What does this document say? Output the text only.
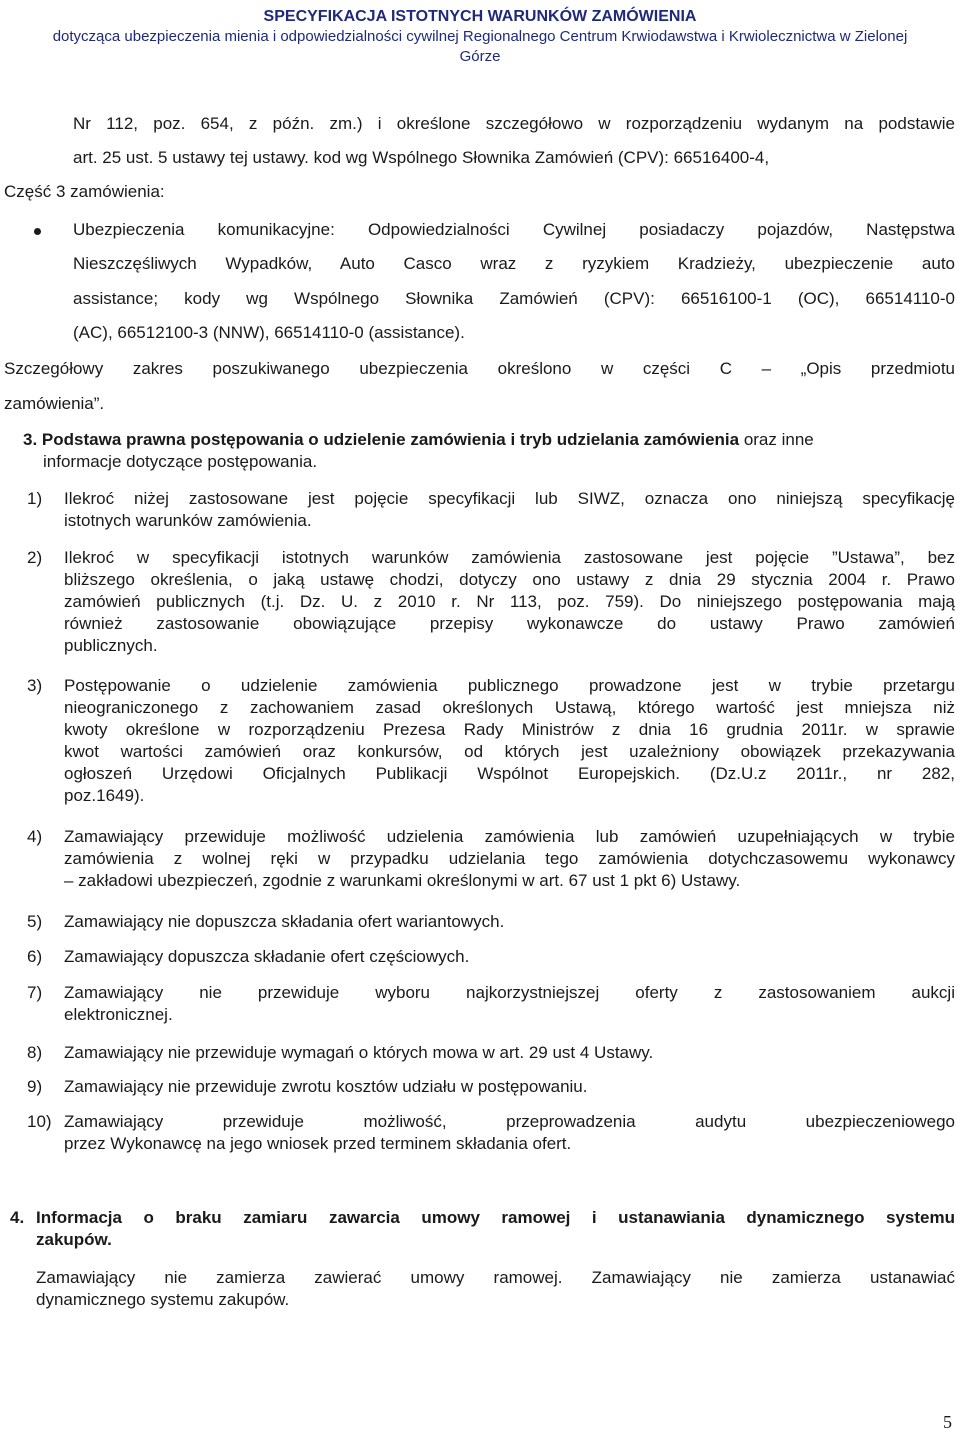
SPECYFIKACJA ISTOTNYCH WARUNKÓW ZAMÓWIENIA
dotycząca ubezpieczenia mienia i odpowiedzialności cywilnej Regionalnego Centrum Krwiodawstwa i Krwiolecznictwa w Zielonej
Górze
Nr 112, poz. 654, z późn. zm.) i określone szczegółowo w rozporządzeniu wydanym na podstawie
art. 25 ust. 5 ustawy tej ustawy. kod wg Wspólnego Słownika Zamówień (CPV): 66516400-4,
Część 3 zamówienia:
Ubezpieczenia komunikacyjne: Odpowiedzialności Cywilnej posiadaczy pojazdów, Następstwa
Nieszczęśliwych Wypadków, Auto Casco wraz z ryzykiem Kradzieży, ubezpieczenie auto
assistance; kody wg Wspólnego Słownika Zamówień (CPV): 66516100-1 (OC), 66514110-0
(AC), 66512100-3 (NNW), 66514110-0 (assistance).
Szczegółowy zakres poszukiwanego ubezpieczenia określono w części C – „Opis przedmiotu
zamówienia”.
3. Podstawa prawna postępowania o udzielenie zamówienia i tryb udzielania zamówienia oraz inne
informacje dotyczące postępowania.
1) Ilekroć niżej zastosowane jest pojęcie specyfikacji lub SIWZ, oznacza ono niniejszą specyfikację
istotnych warunków zamówienia.
2) Ilekroć w specyfikacji istotnych warunków zamówienia zastosowane jest pojęcie ”Ustawa”, bez
bliższego określenia, o jaką ustawę chodzi, dotyczy ono ustawy z dnia 29 stycznia 2004 r. Prawo
zamówień publicznych (t.j. Dz. U. z 2010 r. Nr 113, poz. 759). Do niniejszego postępowania mają
również zastosowanie obowiązujące przepisy wykonawcze do ustawy Prawo zamówień
publicznych.
3) Postępowanie o udzielenie zamówienia publicznego prowadzone jest w trybie przetargu
nieograniczonego z zachowaniem zasad określonych Ustawą, którego wartość jest mniejsza niż
kwoty określone w rozporządzeniu Prezesa Rady Ministrów z dnia 16 grudnia 2011r. w sprawie
kwot wartości zamówień oraz konkursów, od których jest uzależniony obowiązek przekazywania
ogłoszeń Urzędowi Oficjalnych Publikacji Wspólnot Europejskich. (Dz.U.z 2011r., nr 282,
poz.1649).
4) Zamawiający przewiduje możliwość udzielenia zamówienia lub zamówień uzupełniających w trybie
zamówienia z wolnej ręki w przypadku udzielania tego zamówienia dotychczasowemu wykonawcy
– zakładowi ubezpieczeń, zgodnie z warunkami określonymi w art. 67 ust 1 pkt 6) Ustawy.
5) Zamawiający nie dopuszcza składania ofert wariantowych.
6) Zamawiający dopuszcza składanie ofert częściowych.
7) Zamawiający nie przewiduje wyboru najkorzystniejszej oferty z zastosowaniem aukcji
elektronicznej.
8) Zamawiający nie przewiduje wymagań o których mowa w art. 29 ust 4 Ustawy.
9) Zamawiający nie przewiduje zwrotu kosztów udziału w postępowaniu.
10) Zamawiający przewiduje możliwość, przeprowadzenia audytu ubezpieczeniowego
przez Wykonawcę na jego wniosek przed terminem składania ofert.
4. Informacja o braku zamiaru zawarcia umowy ramowej i ustanawiania dynamicznego systemu
zakupów.
Zamawiający nie zamierza zawierać umowy ramowej. Zamawiający nie zamierza ustanawiać
dynamicznego systemu zakupów.
5
